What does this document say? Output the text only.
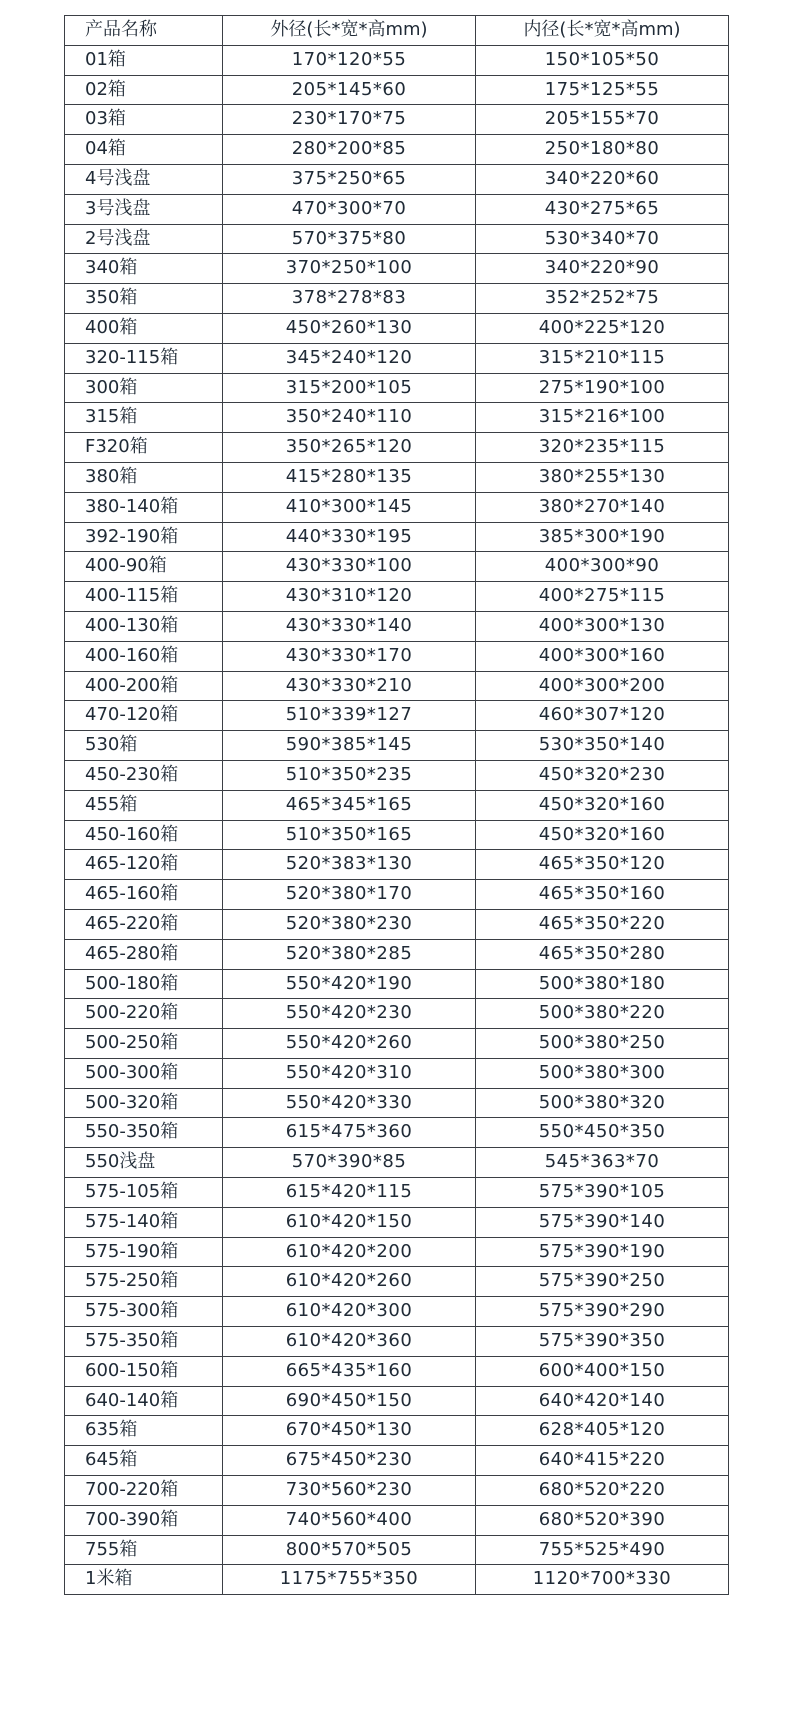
产品名称	外径(长*宽*高mm)	内径(长*宽*高mm)
01箱	170*120*55	150*105*50
02箱	205*145*60	175*125*55
03箱	230*170*75	205*155*70
04箱	280*200*85	250*180*80
4号浅盘	375*250*65	340*220*60
3号浅盘	470*300*70	430*275*65
2号浅盘	570*375*80	530*340*70
340箱	370*250*100	340*220*90
350箱	378*278*83	352*252*75
400箱	450*260*130	400*225*120
320-115箱	345*240*120	315*210*115
300箱	315*200*105	275*190*100
315箱	350*240*110	315*216*100
F320箱	350*265*120	320*235*115
380箱	415*280*135	380*255*130
380-140箱	410*300*145	380*270*140
392-190箱	440*330*195	385*300*190
400-90箱	430*330*100	400*300*90
400-115箱	430*310*120	400*275*115
400-130箱	430*330*140	400*300*130
400-160箱	430*330*170	400*300*160
400-200箱	430*330*210	400*300*200
470-120箱	510*339*127	460*307*120
530箱	590*385*145	530*350*140
450-230箱	510*350*235	450*320*230
455箱	465*345*165	450*320*160
450-160箱	510*350*165	450*320*160
465-120箱	520*383*130	465*350*120
465-160箱	520*380*170	465*350*160
465-220箱	520*380*230	465*350*220
465-280箱	520*380*285	465*350*280
500-180箱	550*420*190	500*380*180
500-220箱	550*420*230	500*380*220
500-250箱	550*420*260	500*380*250
500-300箱	550*420*310	500*380*300
500-320箱	550*420*330	500*380*320
550-350箱	615*475*360	550*450*350
550浅盘	570*390*85	545*363*70
575-105箱	615*420*115	575*390*105
575-140箱	610*420*150	575*390*140
575-190箱	610*420*200	575*390*190
575-250箱	610*420*260	575*390*250
575-300箱	610*420*300	575*390*290
575-350箱	610*420*360	575*390*350
600-150箱	665*435*160	600*400*150
640-140箱	690*450*150	640*420*140
635箱	670*450*130	628*405*120
645箱	675*450*230	640*415*220
700-220箱	730*560*230	680*520*220
700-390箱	740*560*400	680*520*390
755箱	800*570*505	755*525*490
1米箱	1175*755*350	1120*700*330
